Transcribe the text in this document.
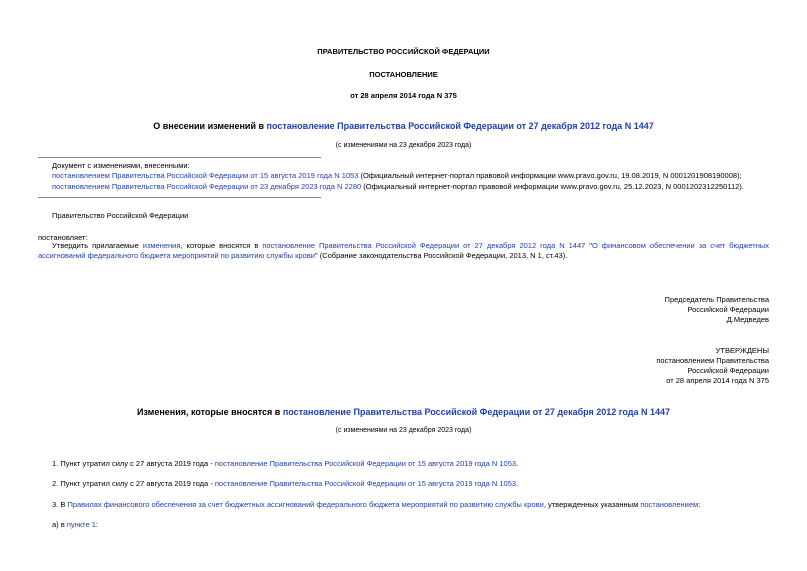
ПРАВИТЕЛЬСТВО РОССИЙСКОЙ ФЕДЕРАЦИИ
ПОСТАНОВЛЕНИЕ
от 28 апреля 2014 года N 375
О внесении изменений в постановление Правительства Российской Федерации от 27 декабря 2012 года N 1447
(с изменениями на 23 декабря 2023 года)
Документ с изменениями, внесенными:
постановлением Правительства Российской Федерации от 15 августа 2019 года N 1053 (Официальный интернет-портал правовой информации www.pravo.gov.ru, 19.08.2019, N 0001201908190008);
постановлением Правительства Российской Федерации от 23 декабря 2023 года N 2280 (Официальный интернет-портал правовой информации www.pravo.gov.ru, 25.12.2023, N 0001202312250112).
Правительство Российской Федерации
постановляет:
Утвердить прилагаемые изменения, которые вносятся в постановление Правительства Российской Федерации от 27 декабря 2012 года N 1447 "О финансовом обеспечении за счет бюджетных ассигнований федерального бюджета мероприятий по развитию службы крови" (Собрание законодательства Российской Федерации, 2013, N 1, ст.43).
Председатель Правительства
Российской Федерации
Д.Медведев
УТВЕРЖДЕНЫ
постановлением Правительства
Российской Федерации
от 28 апреля 2014 года N 375
Изменения, которые вносятся в постановление Правительства Российской Федерации от 27 декабря 2012 года N 1447
(с изменениями на 23 декабря 2023 года)
1. Пункт утратил силу с 27 августа 2019 года - постановление Правительства Российской Федерации от 15 августа 2019 года N 1053.
2. Пункт утратил силу с 27 августа 2019 года - постановление Правительства Российской Федерации от 15 августа 2019 года N 1053.
3. В Правилах финансового обеспечения за счет бюджетных ассигнований федерального бюджета мероприятий по развитию службы крови, утвержденных указанным постановлением:
а) в пункте 1:
